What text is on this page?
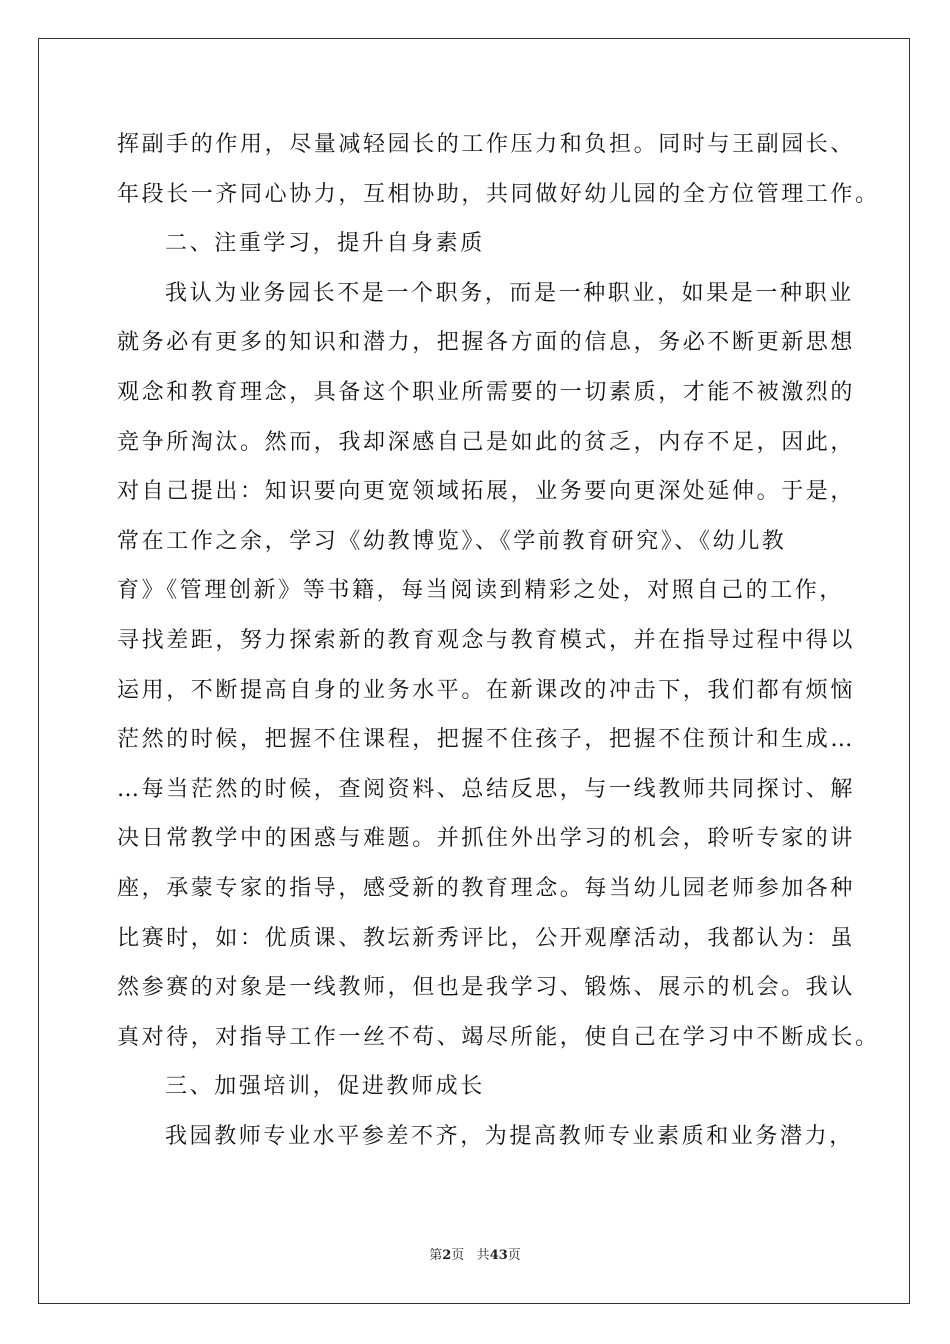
挥副手的作用，尽量减轻园长的工作压力和负担。同时与王副园长、
年段长一齐同心协力，互相协助，共同做好幼儿园的全方位管理工作。
二、注重学习，提升自身素质
我认为业务园长不是一个职务，而是一种职业，如果是一种职业
就务必有更多的知识和潜力，把握各方面的信息，务必不断更新思想
观念和教育理念，具备这个职业所需要的一切素质，才能不被激烈的
竞争所淘汰。然而，我却深感自己是如此的贫乏，内存不足，因此，
对自己提出：知识要向更宽领域拓展，业务要向更深处延伸。于是，
常在工作之余，学习《幼教博览》、《学前教育研究》、《幼儿教
育》《管理创新》等书籍，每当阅读到精彩之处，对照自己的工作，
寻找差距，努力探索新的教育观念与教育模式，并在指导过程中得以
运用，不断提高自身的业务水平。在新课改的冲击下，我们都有烦恼
茫然的时候，把握不住课程，把握不住孩子，把握不住预计和生成…
…每当茫然的时候，查阅资料、总结反思，与一线教师共同探讨、解
决日常教学中的困惑与难题。并抓住外出学习的机会，聆听专家的讲
座，承蒙专家的指导，感受新的教育理念。每当幼儿园老师参加各种
比赛时，如：优质课、教坛新秀评比，公开观摩活动，我都认为：虽
然参赛的对象是一线教师，但也是我学习、锻炼、展示的机会。我认
真对待，对指导工作一丝不苟、竭尽所能，使自己在学习中不断成长。
三、加强培训，促进教师成长
我园教师专业水平参差不齐，为提高教师专业素质和业务潜力，
第2页 共43页
